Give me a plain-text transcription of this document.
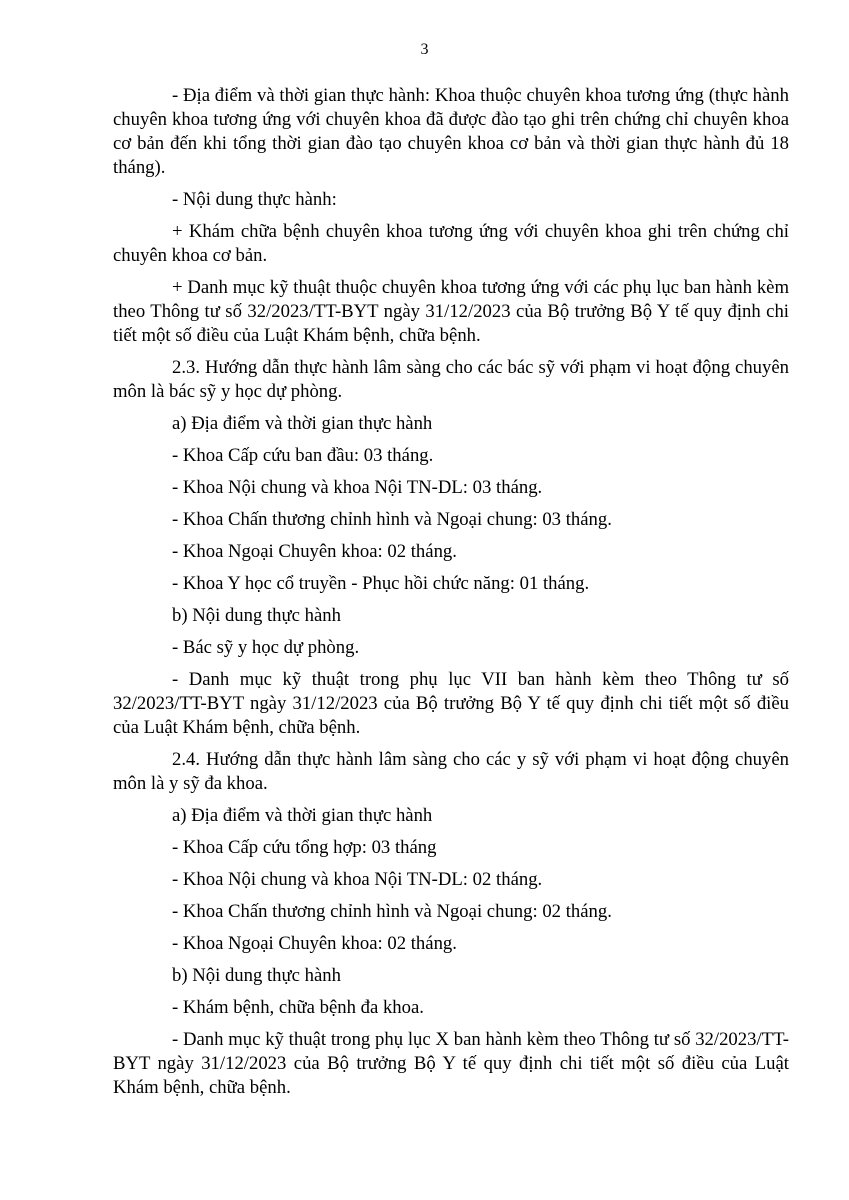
3

- Địa điểm và thời gian thực hành: Khoa thuộc chuyên khoa tương ứng (thực hành chuyên khoa tương ứng với chuyên khoa đã được đào tạo ghi trên chứng chỉ chuyên khoa cơ bản đến khi tổng thời gian đào tạo chuyên khoa cơ bản và thời gian thực hành đủ 18 tháng).

- Nội dung thực hành:

+ Khám chữa bệnh chuyên khoa tương ứng với chuyên khoa ghi trên chứng chỉ chuyên khoa cơ bản.

+ Danh mục kỹ thuật thuộc chuyên khoa tương ứng với các phụ lục ban hành kèm theo Thông tư số 32/2023/TT-BYT ngày 31/12/2023 của Bộ trưởng Bộ Y tế quy định chi tiết một số điều của Luật Khám bệnh, chữa bệnh.

2.3. Hướng dẫn thực hành lâm sàng cho các bác sỹ với phạm vi hoạt động chuyên môn là bác sỹ y học dự phòng.

a) Địa điểm và thời gian thực hành

- Khoa Cấp cứu ban đầu: 03 tháng.

- Khoa Nội chung và khoa Nội TN-DL: 03 tháng.

- Khoa Chấn thương chỉnh hình và Ngoại chung: 03 tháng.

- Khoa Ngoại Chuyên khoa: 02 tháng.

- Khoa Y học cổ truyền - Phục hồi chức năng: 01 tháng.

b) Nội dung thực hành

- Bác sỹ y học dự phòng.

- Danh mục kỹ thuật trong phụ lục VII ban hành kèm theo Thông tư số 32/2023/TT-BYT ngày 31/12/2023 của Bộ trưởng Bộ Y tế quy định chi tiết một số điều của Luật Khám bệnh, chữa bệnh.

2.4. Hướng dẫn thực hành lâm sàng cho các y sỹ với phạm vi hoạt động chuyên môn là y sỹ đa khoa.

a) Địa điểm và thời gian thực hành

- Khoa Cấp cứu tổng hợp: 03 tháng

- Khoa Nội chung và khoa Nội TN-DL: 02 tháng.

- Khoa Chấn thương chỉnh hình và Ngoại chung: 02 tháng.

- Khoa Ngoại Chuyên khoa: 02 tháng.

b) Nội dung thực hành

- Khám bệnh, chữa bệnh đa khoa.

- Danh mục kỹ thuật trong phụ lục X ban hành kèm theo Thông tư số 32/2023/TT-BYT ngày 31/12/2023 của Bộ trưởng Bộ Y tế quy định chi tiết một số điều của Luật Khám bệnh, chữa bệnh.
